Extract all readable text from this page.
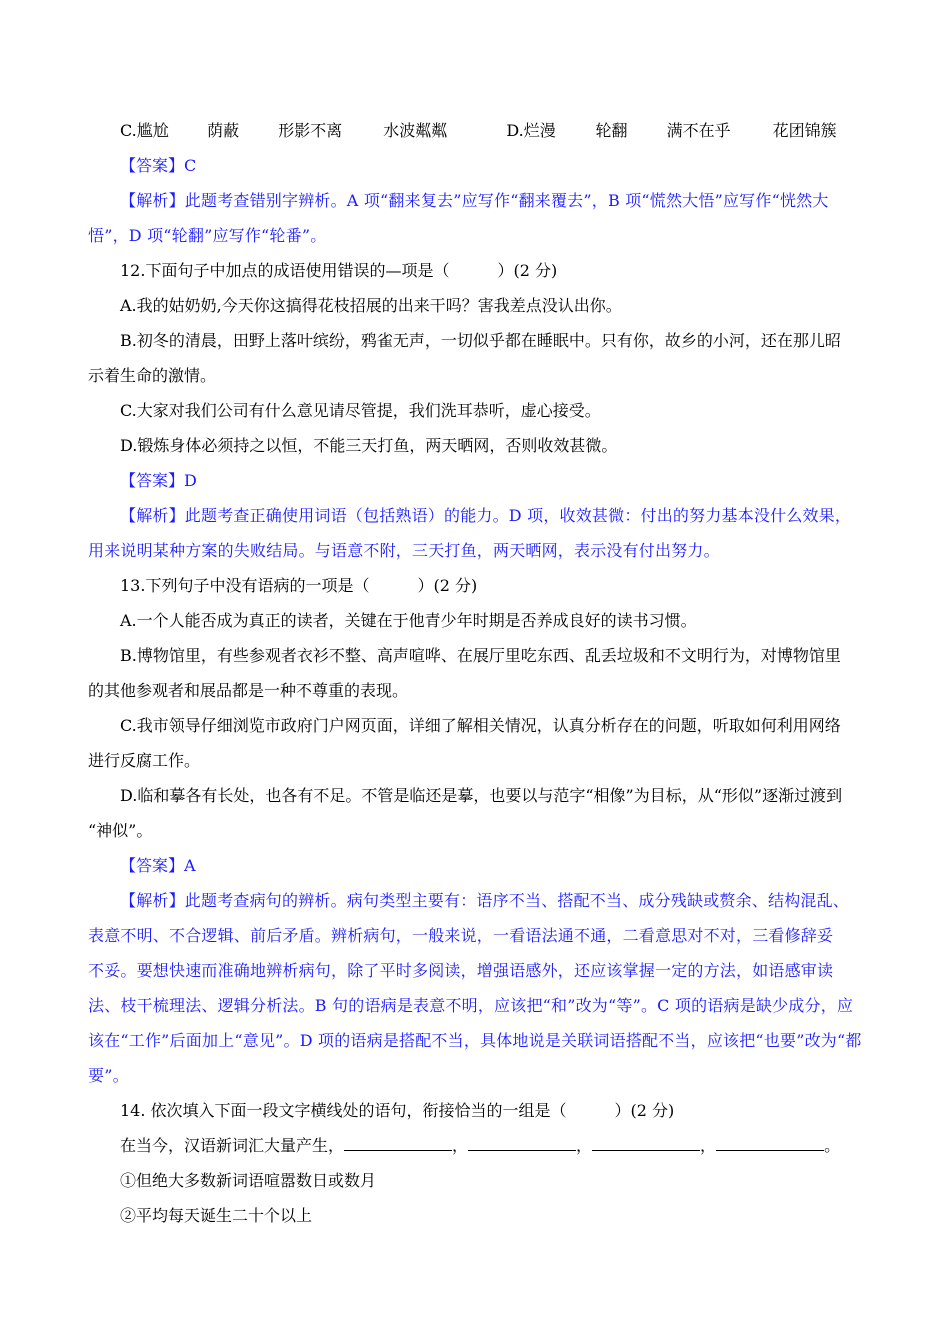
C.尴尬 荫蔽 形影不离	水波粼粼	D.烂漫 轮翻 满不在乎	花团锦簇
【答案】C
【解析】此题考查错别字辨析。A 项“翻来复去”应写作“翻来覆去”，B 项“慌然大悟”应写作“恍然大
悟”，D 项“轮翻”应写作“轮番”。
12.下面句子中加点的成语使用错误的—项是（　　　）(2 分)
A.我的姑奶奶,今天你这搞得花枝招展的出来干吗？害我差点没认出你。
B.初冬的清晨，田野上落叶缤纷，鸦雀无声，一切似乎都在睡眠中。只有你，故乡的小河，还在那儿昭
示着生命的激情。
C.大家对我们公司有什么意见请尽管提，我们洗耳恭听，虚心接受。
D.锻炼身体必须持之以恒，不能三天打鱼，两天晒网，否则收效甚微。
【答案】D
【解析】此题考查正确使用词语（包括熟语）的能力。D 项，收效甚微：付出的努力基本没什么效果，
用来说明某种方案的失败结局。与语意不附，三天打鱼，两天晒网，表示没有付出努力。
13.下列句子中没有语病的一项是（　　　）(2 分)
A.一个人能否成为真正的读者，关键在于他青少年时期是否养成良好的读书习惯。
B.博物馆里，有些参观者衣衫不整、高声喧哗、在展厅里吃东西、乱丢垃圾和不文明行为，对博物馆里
的其他参观者和展品都是一种不尊重的表现。
C.我市领导仔细浏览市政府门户网页面，详细了解相关情况，认真分析存在的问题，听取如何利用网络
进行反腐工作。
D.临和摹各有长处，也各有不足。不管是临还是摹，也要以与范字“相像”为目标，从“形似”逐渐过渡到
“神似”。
【答案】A
【解析】此题考查病句的辨析。病句类型主要有：语序不当、搭配不当、成分残缺或赘余、结构混乱、
表意不明、不合逻辑、前后矛盾。辨析病句，一般来说，一看语法通不通，二看意思对不对，三看修辞妥
不妥。要想快速而准确地辨析病句，除了平时多阅读，增强语感外，还应该掌握一定的方法，如语感审读
法、枝干梳理法、逻辑分析法。B 句的语病是表意不明，应该把“和”改为“等”。C 项的语病是缺少成分，应
该在“工作”后面加上“意见”。D 项的语病是搭配不当，具体地说是关联词语搭配不当，应该把“也要”改为“都
要”。
14. 依次填入下面一段文字横线处的语句，衔接恰当的一组是（　　　）(2 分)
在当今，汉语新词汇大量产生，	，	，	，	。
①但绝大多数新词语喧嚣数日或数月
②平均每天诞生二十个以上
